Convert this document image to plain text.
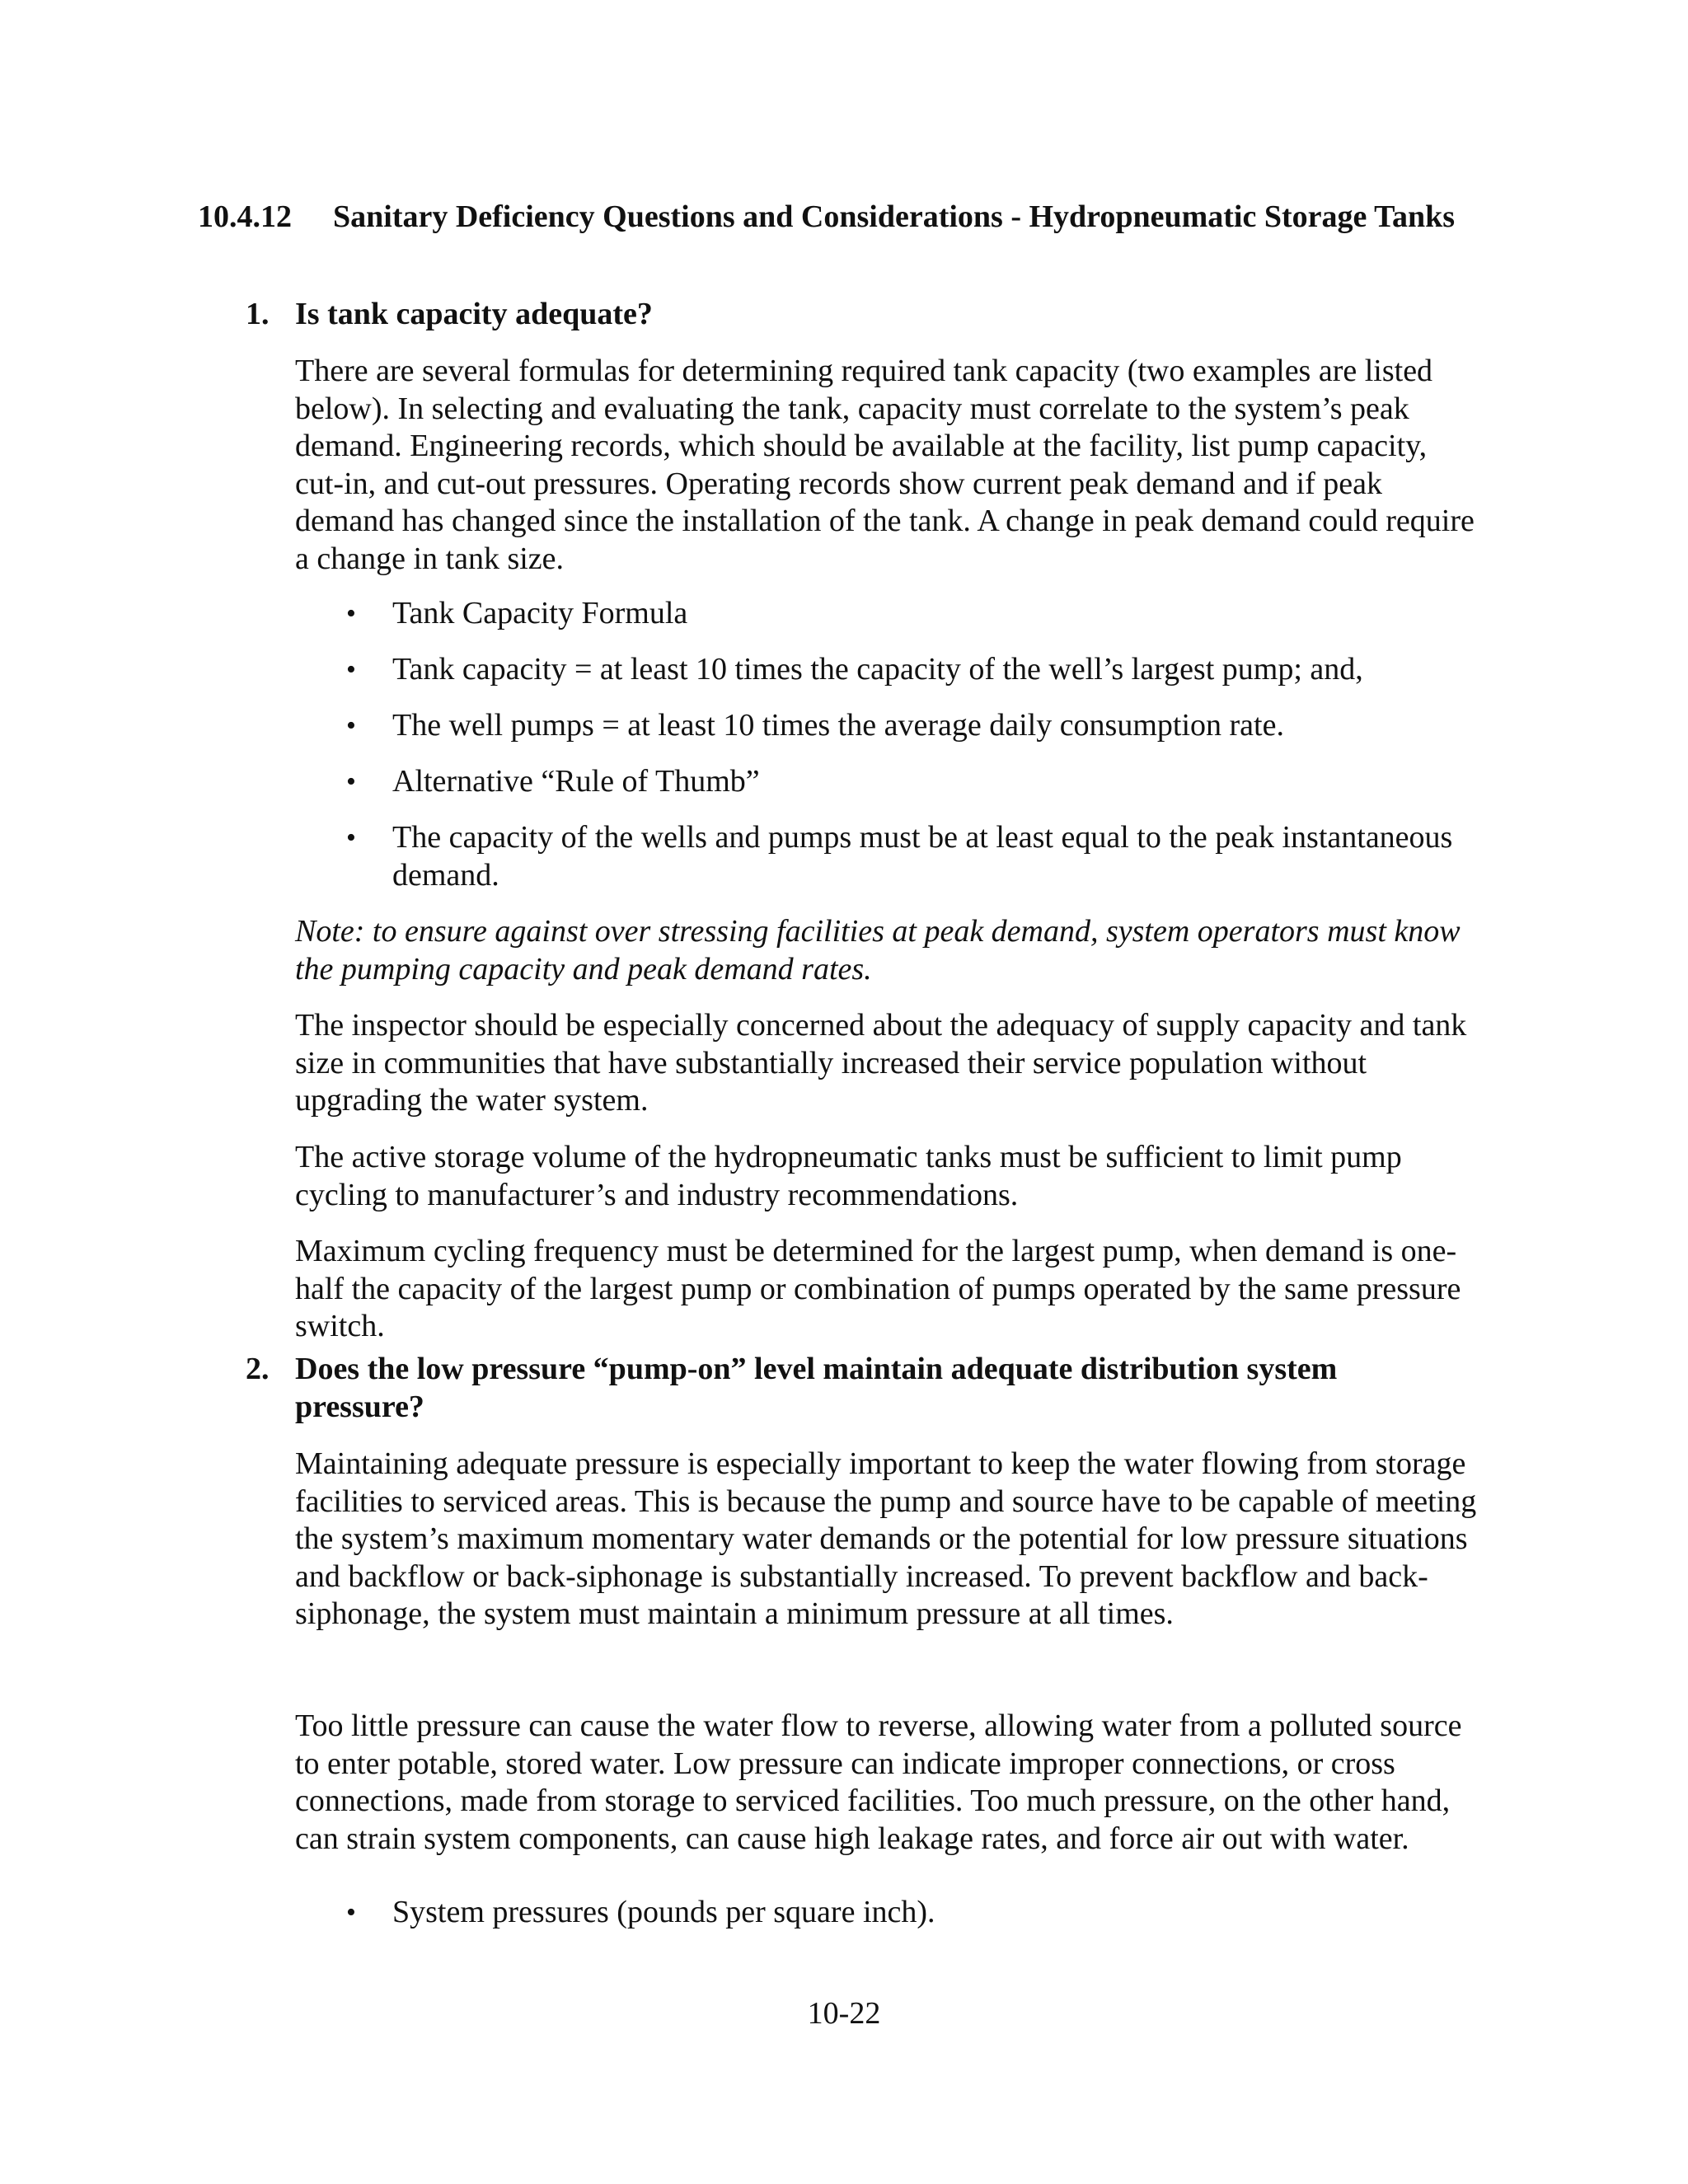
10.4.12 Sanitary Deficiency Questions and Considerations - Hydropneumatic Storage Tanks
1. Is tank capacity adequate?

There are several formulas for determining required tank capacity (two examples are listed below). In selecting and evaluating the tank, capacity must correlate to the system’s peak demand. Engineering records, which should be available at the facility, list pump capacity, cut-in, and cut-out pressures. Operating records show current peak demand and if peak demand has changed since the installation of the tank. A change in peak demand could require a change in tank size.

• Tank Capacity Formula
• Tank capacity = at least 10 times the capacity of the well’s largest pump; and,
• The well pumps = at least 10 times the average daily consumption rate.
• Alternative “Rule of Thumb”
• The capacity of the wells and pumps must be at least equal to the peak instantaneous demand.

Note: to ensure against over stressing facilities at peak demand, system operators must know the pumping capacity and peak demand rates.

The inspector should be especially concerned about the adequacy of supply capacity and tank size in communities that have substantially increased their service population without upgrading the water system.

The active storage volume of the hydropneumatic tanks must be sufficient to limit pump cycling to manufacturer’s and industry recommendations.

Maximum cycling frequency must be determined for the largest pump, when demand is one-half the capacity of the largest pump or combination of pumps operated by the same pressure switch.

2. Does the low pressure “pump-on” level maintain adequate distribution system pressure?

Maintaining adequate pressure is especially important to keep the water flowing from storage facilities to serviced areas. This is because the pump and source have to be capable of meeting the system’s maximum momentary water demands or the potential for low pressure situations and backflow or back-siphonage is substantially increased. To prevent backflow and back-siphonage, the system must maintain a minimum pressure at all times.

Too little pressure can cause the water flow to reverse, allowing water from a polluted source to enter potable, stored water. Low pressure can indicate improper connections, or cross connections, made from storage to serviced facilities. Too much pressure, on the other hand, can strain system components, can cause high leakage rates, and force air out with water.

• System pressures (pounds per square inch).
10-22
